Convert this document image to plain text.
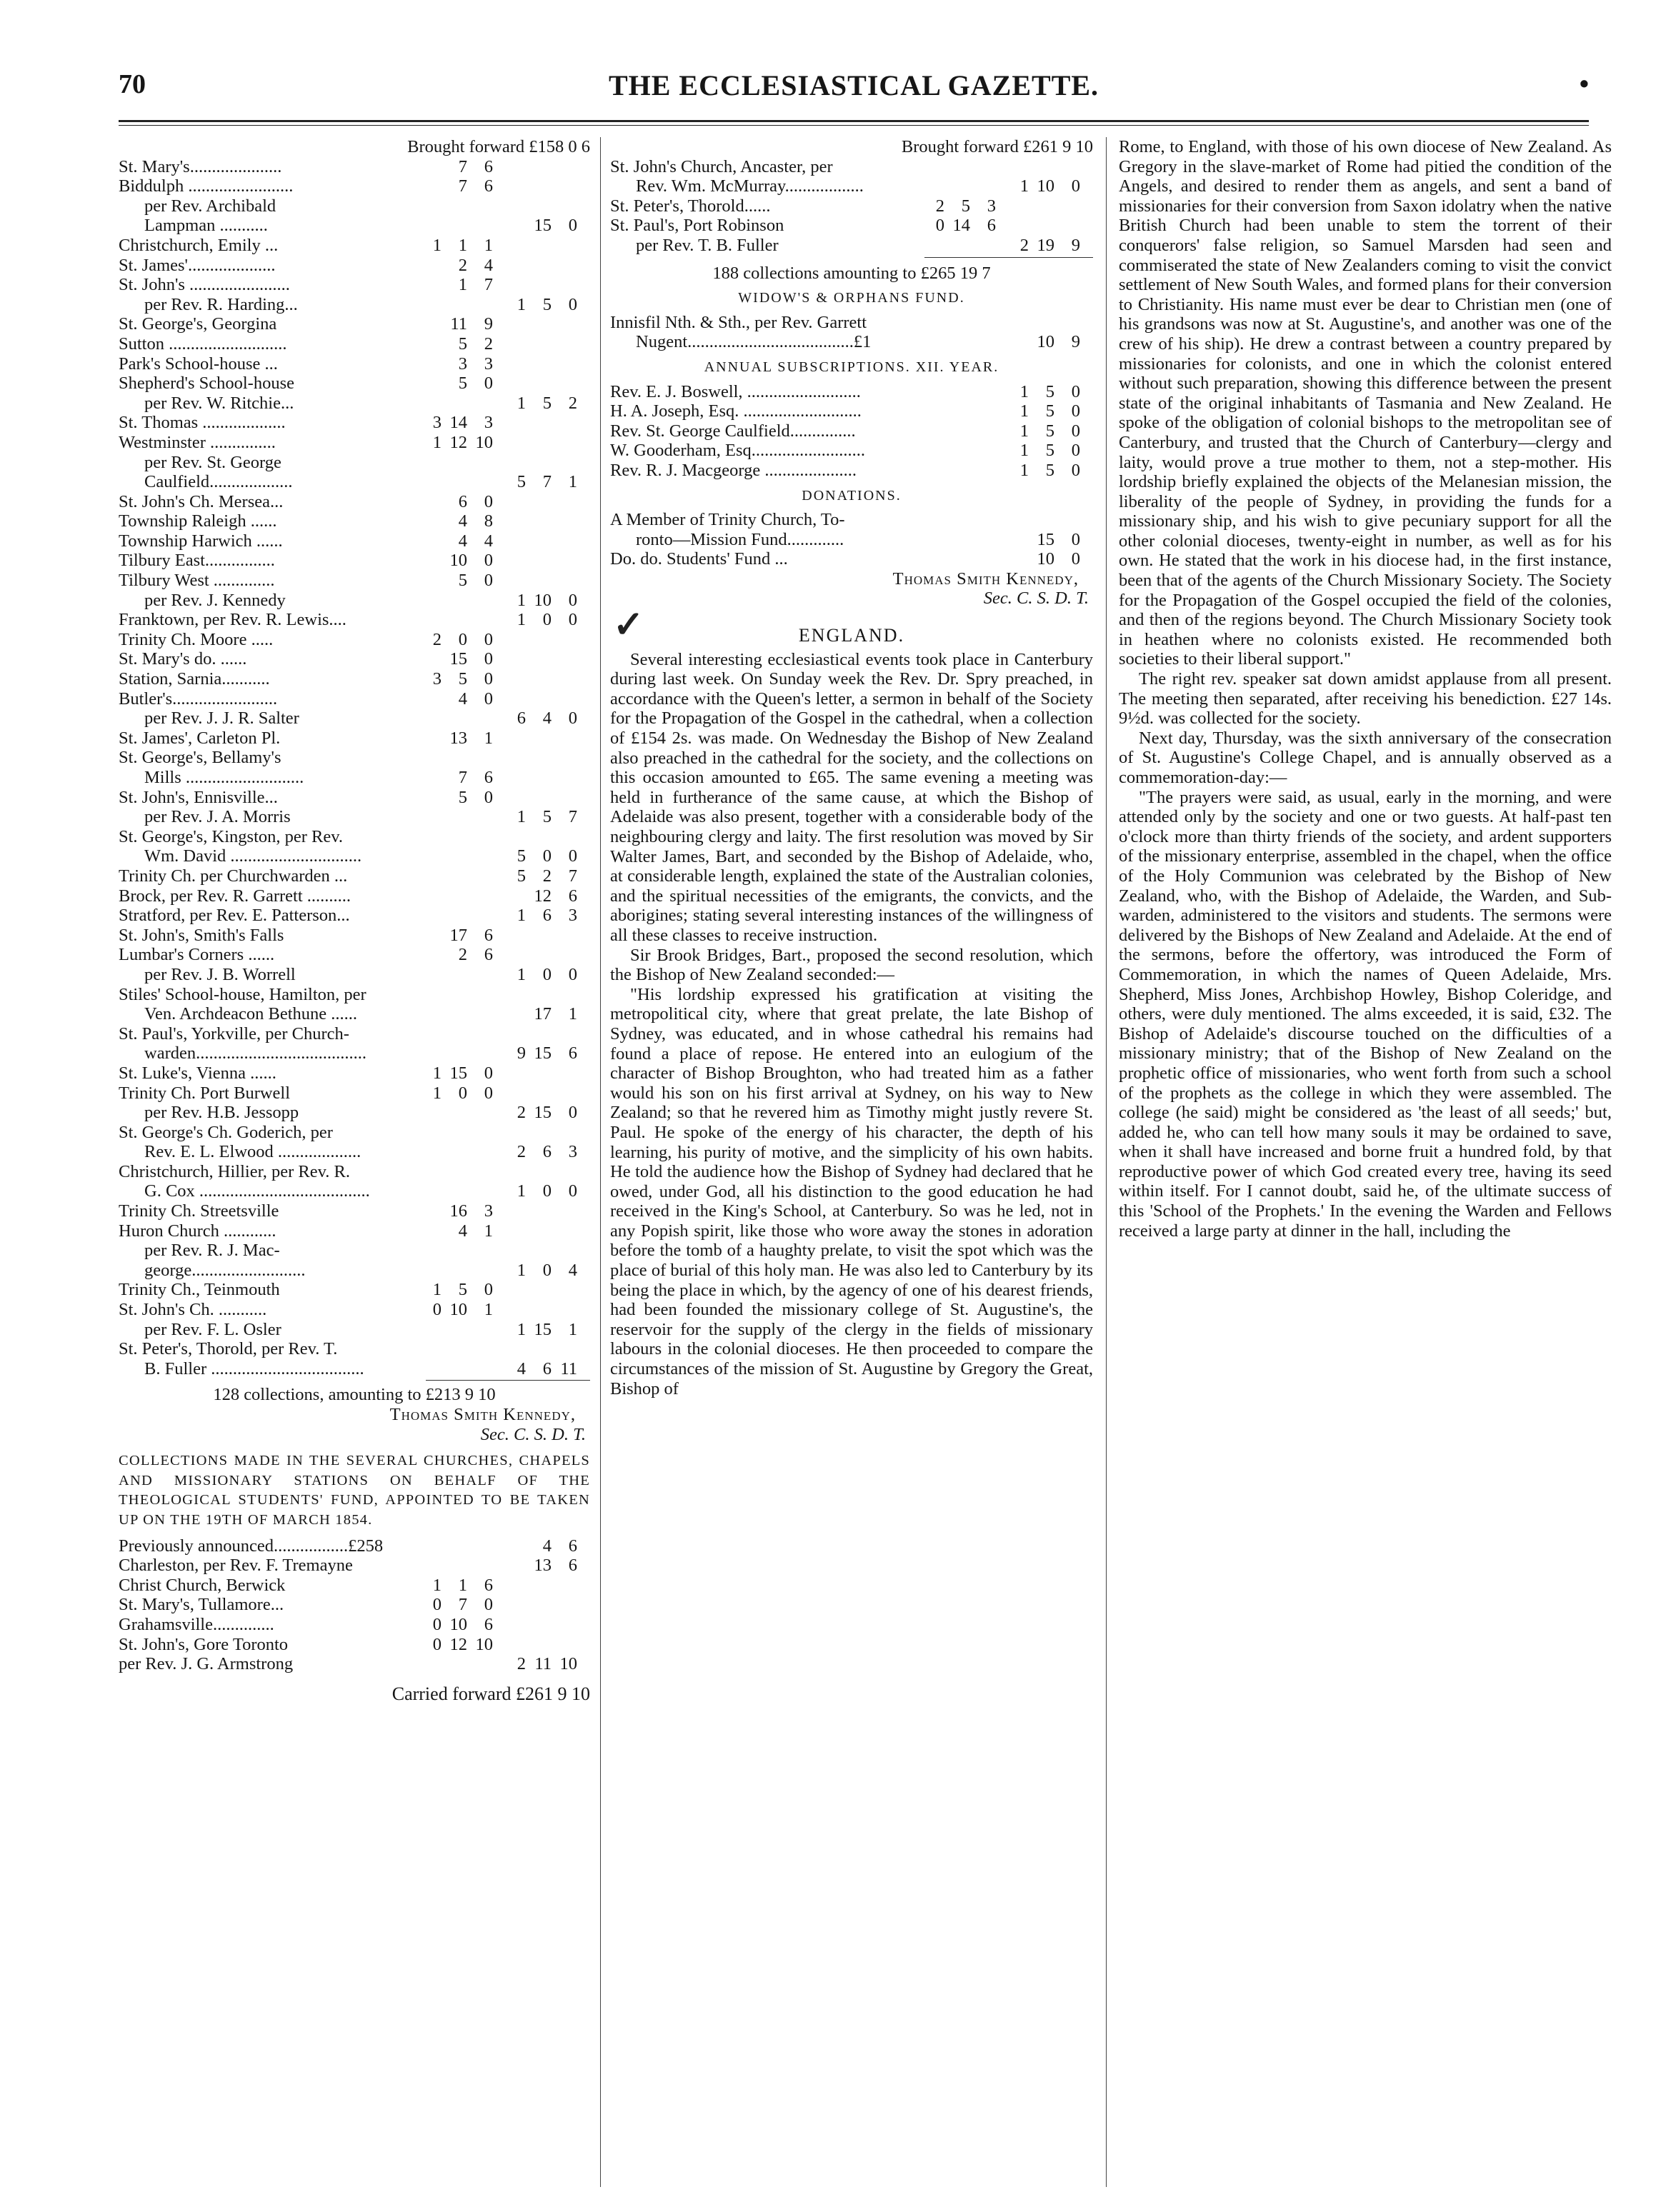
THE ECCLESIASTICAL GAZETTE.
70	•
Brought forward £158 0 6
St. Mary's.....................	7 6
Biddulph ........................	7 6
per Rev. Archibald
Lampman ...........	15 0
Christchurch, Emily ...	1 1 1
St. James'....................	2 4
St. John's .......................	1 7
per Rev. R. Harding...	1 5 0
St. George's, Georgina	11 9
Sutton ...........................	5 2
Park's School-house ...	3 3
Shepherd's School-house	5 0
per Rev. W. Ritchie...	1 5 2
St. Thomas ...................	3 14 3
Westminster ...............	1 12 10
per Rev. St. George
Caulfield...................	5 7 1
St. John's Ch. Mersea...	6 0
Township Raleigh ......	4 8
Township Harwich ......	4 4
Tilbury East................	10 0
Tilbury West ..............	5 0
per Rev. J. Kennedy	1 10 0
Franktown, per Rev. R. Lewis....	1 0 0
Trinity Ch. Moore .....	2 0 0
St. Mary's do. ......	15 0
Station, Sarnia...........	3 5 0
Butler's........................	4 0
per Rev. J. J. R. Salter	6 4 0
St. James', Carleton Pl.	13 1
St. George's, Bellamy's
Mills ...........................	7 6
St. John's, Ennisville...	5 0
per Rev. J. A. Morris	1 5 7
St. George's, Kingston, per Rev.
Wm. David ..............................	5 0 0
Trinity Ch. per Churchwarden ...	5 2 7
Brock, per Rev. R. Garrett ..........	12 6
Stratford, per Rev. E. Patterson...	1 6 3
St. John's, Smith's Falls	17 6
Lumbar's Corners ......	2 6
per Rev. J. B. Worrell	1 0 0
Stiles' School-house, Hamilton, per
Ven. Archdeacon Bethune ......	17 1
St. Paul's, Yorkville, per Church-
warden.......................................	9 15 6
St. Luke's, Vienna ......	1 15 0
Trinity Ch. Port Burwell	1 0 0
per Rev. H.B. Jessopp	2 15 0
St. George's Ch. Goderich, per
Rev. E. L. Elwood ...................	2 6 3
Christchurch, Hillier, per Rev. R.
G. Cox .......................................	1 0 0
Trinity Ch. Streetsville	16 3
Huron Church ............	4 1
per Rev. R. J. Mac-
george..........................	1 0 4
Trinity Ch., Teinmouth	1 5 0
St. John's Ch. ...........	0 10 1
per Rev. F. L. Osler	1 15 1
St. Peter's, Thorold, per Rev. T.
B. Fuller ...................................	4 6 11
128 collections, amounting to £213 9 10
Thomas Smith Kennedy,
Sec. C. S. D. T.
COLLECTIONS MADE IN THE SEVERAL CHURCHES, CHAPELS AND MISSIONARY STATIONS ON BEHALF OF THE THEOLOGICAL STUDENTS' FUND, APPOINTED TO BE TAKEN UP ON THE 19TH OF MARCH 1854.
Previously announced.................£258	4 6
Charleston, per Rev. F. Tremayne	13 6
Christ Church, Berwick	1 1 6
St. Mary's, Tullamore...	0 7 0
Grahamsville..............	0 10 6
St. John's, Gore Toronto	0 12 10
per Rev. J. G. Armstrong	2 11 10
Carried forward £261 9 10
Brought forward £261 9 10
St. John's Church, Ancaster, per
Rev. Wm. McMurray..................	1 10 0
St. Peter's, Thorold......	2 5 3
St. Paul's, Port Robinson	0 14 6
per Rev. T. B. Fuller	2 19 9
188 collections amounting to £265 19 7
WIDOW'S & ORPHANS FUND.
Innisfil Nth. & Sth., per Rev. Garrett
Nugent......................................£1	10 9
ANNUAL SUBSCRIPTIONS. XII. YEAR.
Rev. E. J. Boswell, ..........................	1 5 0
H. A. Joseph, Esq. ...........................	1 5 0
Rev. St. George Caulfield...............	1 5 0
W. Gooderham, Esq..........................	1 5 0
Rev. R. J. Macgeorge .....................	1 5 0
DONATIONS.
A Member of Trinity Church, To-
ronto—Mission Fund.............	15 0
Do. do. Students' Fund ...	10 0
Thomas Smith Kennedy,
Sec. C. S. D. T.
✓	ENGLAND.

Several interesting ecclesiastical events took place in Canterbury during last week. On Sunday week the Rev. Dr. Spry preached, in accordance with the Queen's letter, a sermon in behalf of the Society for the Propagation of the Gospel in the cathedral, when a collection of £154 2s. was made. On Wednesday the Bishop of New Zealand also preached in the cathedral for the society, and the collections on this occasion amounted to £65. The same evening a meeting was held in furtherance of the same cause, at which the Bishop of Adelaide was also present, together with a considerable body of the neighbouring clergy and laity. The first resolution was moved by Sir Walter James, Bart, and seconded by the Bishop of Adelaide, who, at considerable length, explained the state of the Australian colonies, and the spiritual necessities of the emigrants, the convicts, and the aborigines; stating several interesting instances of the willingness of all these classes to receive instruction.

Sir Brook Bridges, Bart., proposed the second resolution, which the Bishop of New Zealand seconded:—

"His lordship expressed his gratification at visiting the metropolitical city, where that great prelate, the late Bishop of Sydney, was educated, and in whose cathedral his remains had found a place of repose. He entered into an eulogium of the character of Bishop Broughton, who had treated him as a father would his son on his first arrival at Sydney, on his way to New Zealand; so that he revered him as Timothy might justly revere St. Paul. He spoke of the energy of his character, the depth of his learning, his purity of motive, and the simplicity of his own habits. He told the audience how the Bishop of Sydney had declared that he owed, under God, all his distinction to the good education he had received in the King's School, at Canterbury. So was he led, not in any Popish spirit, like those who wore away the stones in adoration before the tomb of a haughty prelate, to visit the spot which was the place of burial of this holy man. He was also led to Canterbury by its being the place in which, by the agency of one of his dearest friends, had been founded the missionary college of St. Augustine's, the reservoir for the supply of the clergy in the fields of missionary labours in the colonial dioceses. He then proceeded to compare the circumstances of the mission of St. Augustine by Gregory the Great, Bishop of

Rome, to England, with those of his own diocese of New Zealand. As Gregory in the slave-market of Rome had pitied the condition of the Angels, and desired to render them as angels, and sent a band of missionaries for their conversion from Saxon idolatry when the native British Church had been unable to stem the torrent of their conquerors' false religion, so Samuel Marsden had seen and commiserated the state of New Zealanders coming to visit the convict settlement of New South Wales, and formed plans for their conversion to Christianity. His name must ever be dear to Christian men (one of his grandsons was now at St. Augustine's, and another was one of the crew of his ship). He drew a contrast between a country prepared by missionaries for colonists, and one in which the colonist entered without such preparation, showing this difference between the present state of the original inhabitants of Tasmania and New Zealand. He spoke of the obligation of colonial bishops to the metropolitan see of Canterbury, and trusted that the Church of Canterbury—clergy and laity, would prove a true mother to them, not a step-mother. His lordship briefly explained the objects of the Melanesian mission, the liberality of the people of Sydney, in providing the funds for a missionary ship, and his wish to give pecuniary support for all the other colonial dioceses, twenty-eight in number, as well as for his own. He stated that the work in his diocese had, in the first instance, been that of the agents of the Church Missionary Society. The Society for the Propagation of the Gospel occupied the field of the colonies, and then of the regions beyond. The Church Missionary Society took in heathen where no colonists existed. He recommended both societies to their liberal support."

The right rev. speaker sat down amidst applause from all present. The meeting then separated, after receiving his benediction. £27 14s. 9½d. was collected for the society.

Next day, Thursday, was the sixth anniversary of the consecration of St. Augustine's College Chapel, and is annually observed as a commemoration-day:—

"The prayers were said, as usual, early in the morning, and were attended only by the society and one or two guests. At half-past ten o'clock more than thirty friends of the society, and ardent supporters of the missionary enterprise, assembled in the chapel, when the office of the Holy Communion was celebrated by the Bishop of New Zealand, who, with the Bishop of Adelaide, the Warden, and Sub-warden, administered to the visitors and students. The sermons were delivered by the Bishops of New Zealand and Adelaide. At the end of the sermons, before the offertory, was introduced the Form of Commemoration, in which the names of Queen Adelaide, Mrs. Shepherd, Miss Jones, Archbishop Howley, Bishop Coleridge, and others, were duly mentioned. The alms exceeded, it is said, £32. The Bishop of Adelaide's discourse touched on the difficulties of a missionary ministry; that of the Bishop of New Zealand on the prophetic office of missionaries, who went forth from such a school of the prophets as the college in which they were assembled. The college (he said) might be considered as 'the least of all seeds;' but, added he, who can tell how many souls it may be ordained to save, when it shall have increased and borne fruit a hundred fold, by that reproductive power of which God created every tree, having its seed within itself. For I cannot doubt, said he, of the ultimate success of this 'School of the Prophets.' In the evening the Warden and Fellows received a large party at dinner in the hall, including the
